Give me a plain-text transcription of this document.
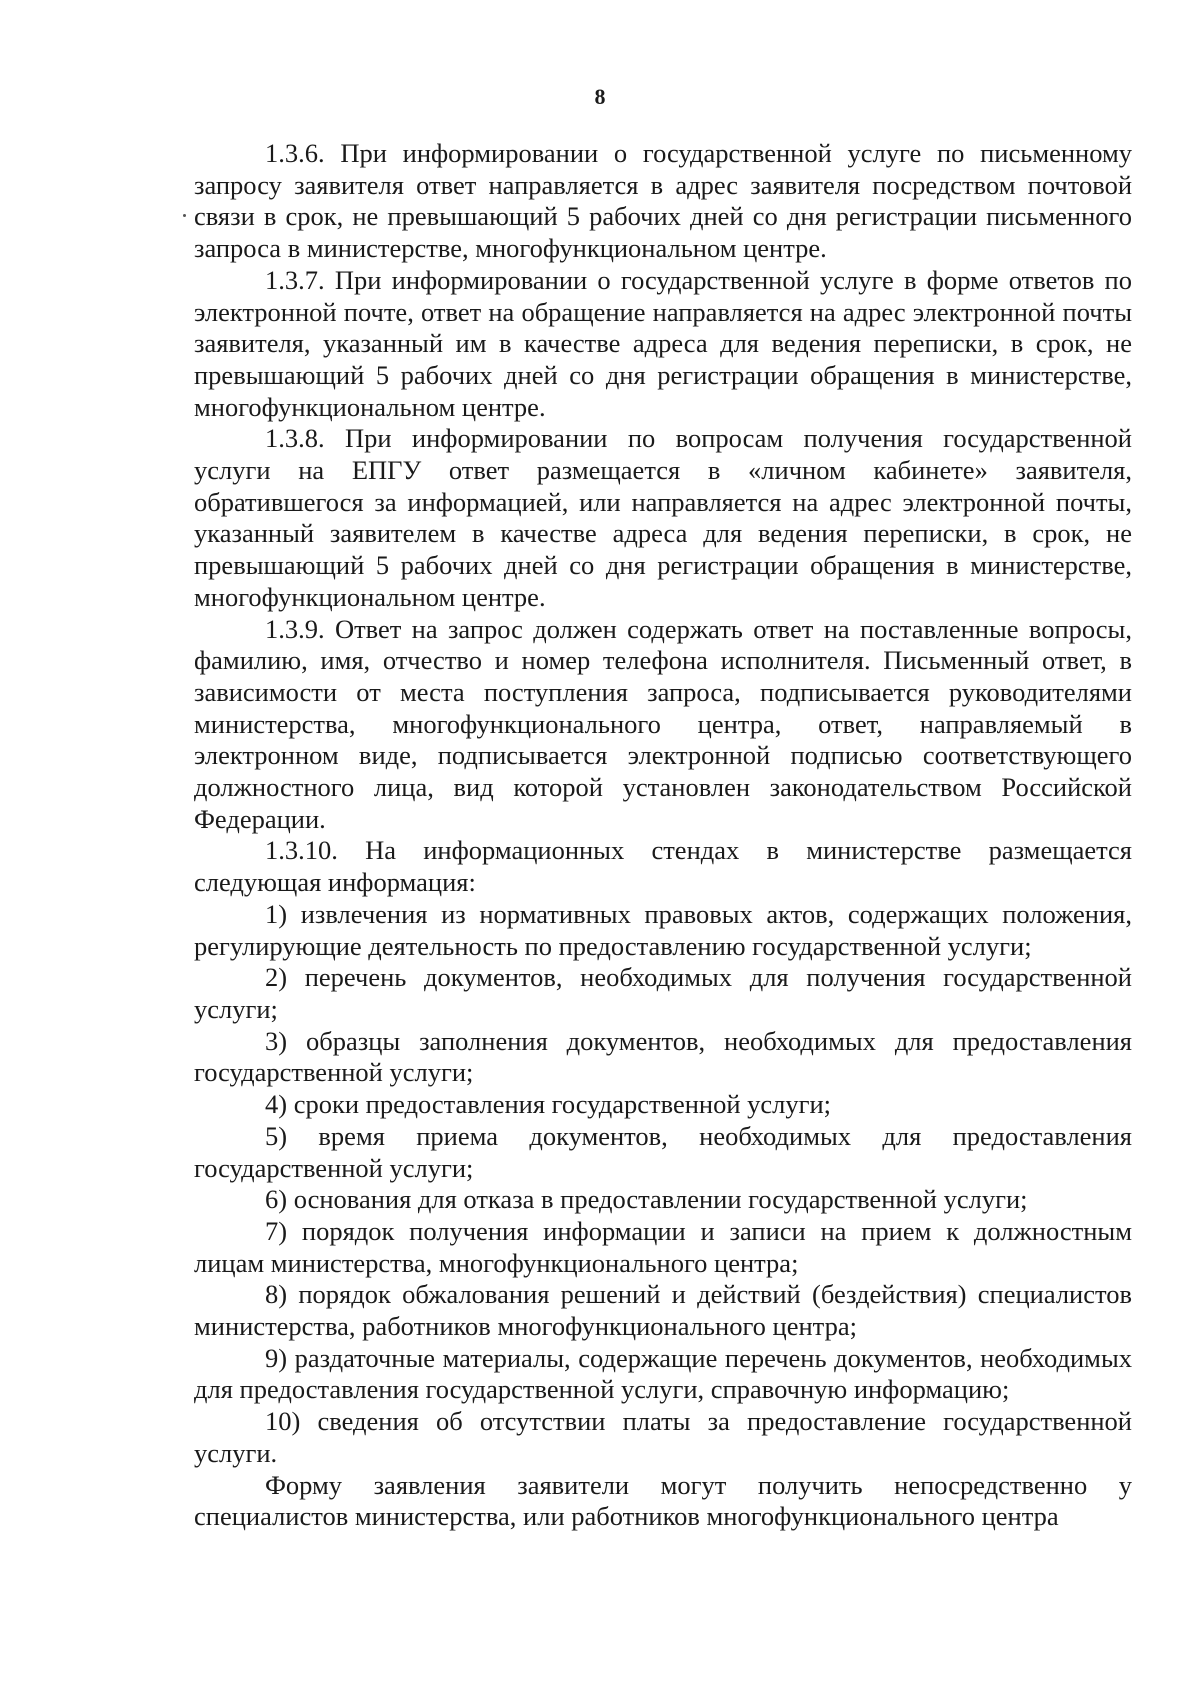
8

1.3.6. При информировании о государственной услуге по письменному запросу заявителя ответ направляется в адрес заявителя посредством почтовой связи в срок, не превышающий 5 рабочих дней со дня регистрации письменного запроса в министерстве, многофункциональном центре.

1.3.7. При информировании о государственной услуге в форме ответов по электронной почте, ответ на обращение направляется на адрес электронной почты заявителя, указанный им в качестве адреса для ведения переписки, в срок, не превышающий 5 рабочих дней со дня регистрации обращения в министерстве, многофункциональном центре.

1.3.8. При информировании по вопросам получения государственной услуги на ЕПГУ ответ размещается в «личном кабинете» заявителя, обратившегося за информацией, или направляется на адрес электронной почты, указанный заявителем в качестве адреса для ведения переписки, в срок, не превышающий 5 рабочих дней со дня регистрации обращения в министерстве, многофункциональном центре.

1.3.9. Ответ на запрос должен содержать ответ на поставленные вопросы, фамилию, имя, отчество и номер телефона исполнителя. Письменный ответ, в зависимости от места поступления запроса, подписывается руководителями министерства, многофункционального центра, ответ, направляемый в электронном виде, подписывается электронной подписью соответствующего должностного лица, вид которой установлен законодательством Российской Федерации.

1.3.10. На информационных стендах в министерстве размещается следующая информация:

1) извлечения из нормативных правовых актов, содержащих положения, регулирующие деятельность по предоставлению государственной услуги;

2) перечень документов, необходимых для получения государственной услуги;

3) образцы заполнения документов, необходимых для предоставления государственной услуги;

4) сроки предоставления государственной услуги;

5) время приема документов, необходимых для предоставления государственной услуги;

6) основания для отказа в предоставлении государственной услуги;

7) порядок получения информации и записи на прием к должностным лицам министерства, многофункционального центра;

8) порядок обжалования решений и действий (бездействия) специалистов министерства, работников многофункционального центра;

9) раздаточные материалы, содержащие перечень документов, необходимых для предоставления государственной услуги, справочную информацию;

10) сведения об отсутствии платы за предоставление государственной услуги.

Форму заявления заявители могут получить непосредственно у специалистов министерства, или работников многофункционального центра
